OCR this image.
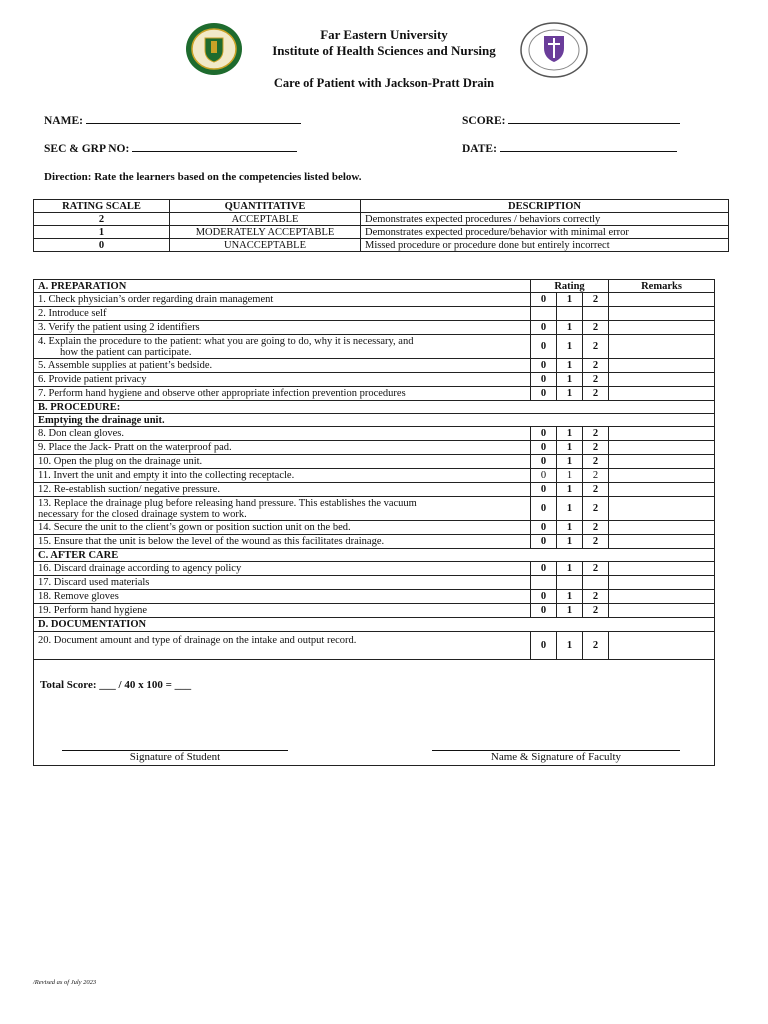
Far Eastern University
Institute of Health Sciences and Nursing
Care of Patient with Jackson-Pratt Drain
NAME:	SCORE:
SEC & GRP NO:	DATE:
Direction: Rate the learners based on the competencies listed below.
RATING SCALE	QUANTITATIVE	DESCRIPTION
2	ACCEPTABLE	Demonstrates expected procedures / behaviors correctly
1	MODERATELY ACCEPTABLE	Demonstrates expected procedure/behavior with minimal error
0	UNACCEPTABLE	Missed procedure or procedure done but entirely incorrect
A. PREPARATION	Rating			Remarks
1. Check physician’s order regarding drain management	0	1	2	
2. Introduce self				
3. Verify the patient using 2 identifiers	0	1	2	

4. Explain the procedure to the patient: what you are going to do, why it is necessary, and
how the patient can participate.	0	1	2	
5. Assemble supplies at patient’s bedside.	0	1	2	
6. Provide patient privacy	0	1	2	
7. Perform hand hygiene and observe other appropriate infection prevention procedures	0	1	2	
B. PROCEDURE:				
Emptying the drainage unit.				
8. Don clean gloves.	0	1	2	
9. Place the Jack- Pratt on the waterproof pad.	0	1	2	
10. Open the plug on the drainage unit.	0	1	2	
11. Invert the unit and empty it into the collecting receptacle.	0	1	2	
12. Re-establish suction/ negative pressure.	0	1	2	

13. Replace the drainage plug before releasing hand pressure. This establishes the vacuum
necessary for the closed drainage system to work.	0	1	2	
14. Secure the unit to the client’s gown or position suction unit on the bed.	0	1	2	
15. Ensure that the unit is below the level of the wound as this facilitates drainage.	0	1	2	
C. AFTER CARE				
16. Discard drainage according to agency policy	0	1	2	
17. Discard used materials				
18. Remove gloves	0	1	2	
19. Perform hand hygiene	0	1	2	
D. DOCUMENTATION				
20. Document amount and type of drainage on the intake and output record.	0	1	2	

Total Score: ___ / 40 x 100 = ___
Signature of Student Name & Signature of Faculty				
/Revised as of July 2023
